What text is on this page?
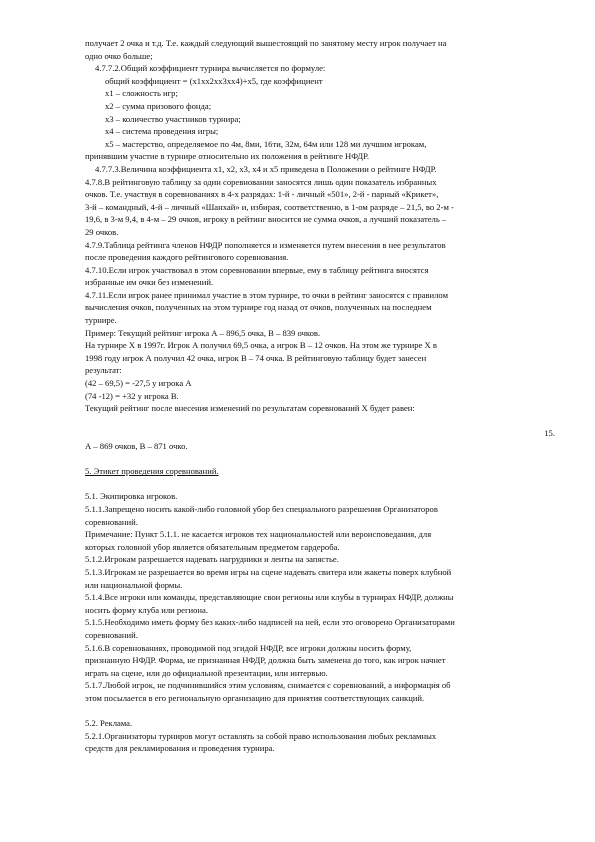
получает 2 очка и т.д. Т.е. каждый следующий вышестоящий по занятому месту игрок получает на

одно очко больше;

4.7.7.2.Общий коэффициент турнира вычисляется по формуле:

общий коэффициент = (х1хх2хх3хх4)+х5, где коэффициент

х1 – сложность игр;

х2 – сумма призового фонда;

х3 – количество участников турнира;

х4 – система проведения игры;

х5 – мастерство, определяемое по 4м, 8ми, 16ти, 32м, 64м или 128 ми лучшим игрокам,

принявшим участие в турнире относительно их положения в рейтинге НФДР.

4.7.7.3.Величина коэффициента х1, х2, х3, х4 и х5 приведена в Положении о рейтинге НФДР.

4.7.8.В рейтинговую таблицу за один соревновании заносятся лишь один показатель избранных

очков. Т.е. участвуя в соревнованиях в 4-х разрядах: 1-й - личный «501», 2-й - парный «Крикет»,

3-й – командный, 4-й – личный «Шанхай» и, избирая, соответственно, в 1-ом разряде – 21,5, во 2-м -

19,6, в 3-м 9,4, в 4-м – 29 очков, игроку в рейтинг вносится не сумма очков, а лучший показатель –

29 очков.

4.7.9.Таблица рейтинга членов НФДР пополняется и изменяется путем внесения в нее результатов

после проведения каждого рейтингового соревнования.

4.7.10.Если игрок участвовал в этом соревновании впервые, ему в таблицу рейтинга вносятся

избранные им очки без изменений.

4.7.11.Если игрок ранее принимал участие в этом турнире, то очки в рейтинг заносятся с правилом

вычисления очков, полученных на этом турнире год назад от очков, полученных на последнем

турнире.

Пример: Текущий рейтинг игрока А – 896,5 очка, В – 839 очков.

На турнире Х в 1997г. Игрок А получил 69,5 очка, а игрок В – 12 очков. На этом же турнире Х в

1998 году игрок А получил 42 очка, игрок В – 74 очка. В рейтинговую таблицу будет занесен

результат:

(42 – 69,5) = -27,5 у игрока А

(74 -12) = +32 у игрока В.

Текущий рейтинг после внесения изменений по результатам соревнований Х будет равен:

15.

А – 869 очков, В – 871 очко.

5. Этикет проведения соревнований.

5.1. Экипировка игроков.

5.1.1.Запрещено носить какой-либо головной убор без специального разрешения Организаторов

соревнований.

Примечание: Пункт 5.1.1. не касается игроков тех национальностей или вероисповедания, для

которых головной убор является обязательным предметом гардероба.

5.1.2.Игрокам разрешается надевать нагрудники и ленты на запястье.

5.1.3.Игрокам не разрешается во время игры на сцене надевать свитера или жакеты поверх клубной

или национальной формы.

5.1.4.Все игроки или команды, представляющие свои регионы или клубы в турнирах НФДР, должны

носить форму клуба или региона.

5.1.5.Необходимо иметь форму без каких-либо надписей на ней, если это оговорено Организаторами

соревнований.

5.1.6.В соревнованиях, проводимой под эгидой НФДР, все игроки должны носить форму,

признанную НФДР. Форма, не признанная НФДР, должна быть заменена до того, как игрок начнет

играть на сцене, или до официальной презентации, или интервью.

5.1.7.Любой игрок, не подчинившийся этим условиям, снимается с соревнований, а информация об

этом посылается в его региональную организацию для принятия соответствующих санкций.

5.2. Реклама.

5.2.1.Организаторы турниров могут оставлять за собой право использования любых рекламных

средств для рекламирования и проведения турнира.
